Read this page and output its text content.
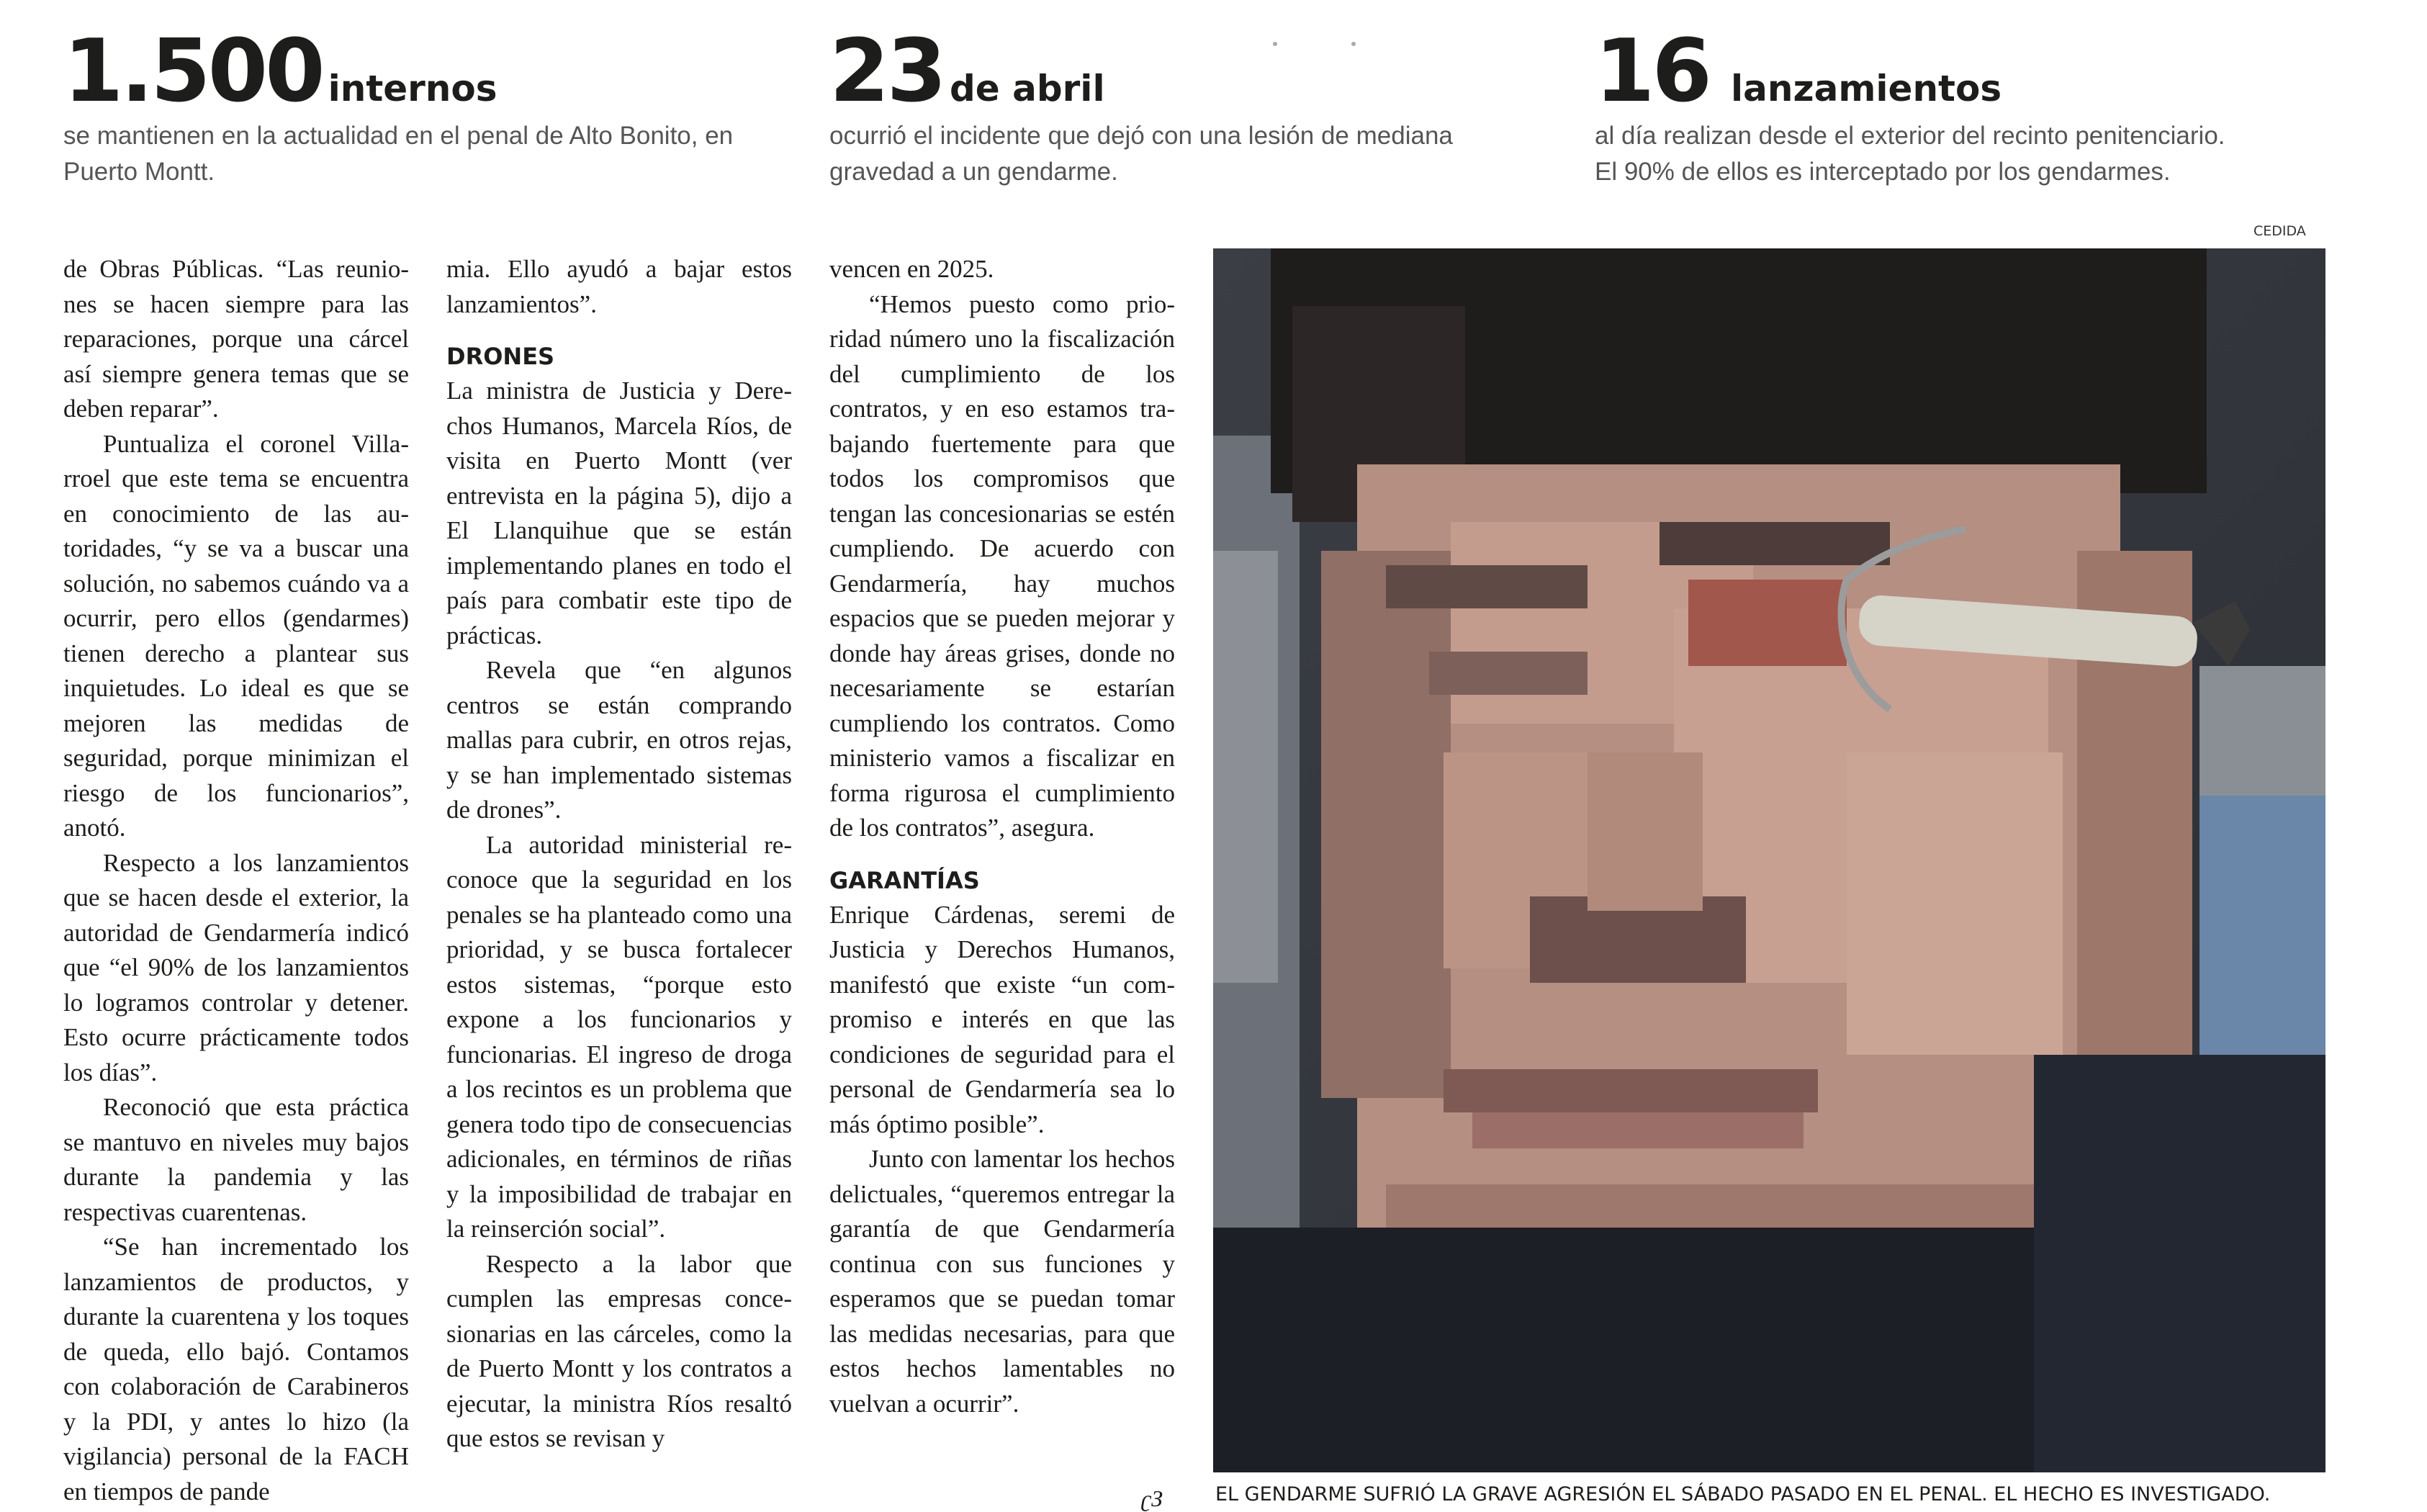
1.500 internos
se mantienen en la actualidad en el penal de Alto Bonito, en
Puerto Montt.
23 de abril
ocurrió el incidente que dejó con una lesión de mediana
gravedad a un gendarme.
16 lanzamientos
al día realizan desde el exterior del recinto penitenciario.
El 90% de ellos es interceptado por los gendarmes.

de Obras Públicas. “Las reuniones se hacen siempre para las reparaciones, porque una cárcel así siempre genera temas que se deben reparar”.

Puntualiza el coronel Villarroel que este tema se encuentra en conocimiento de las autoridades, “y se va a buscar una solución, no sabemos cuándo va a ocurrir, pero ellos (gendarmes) tienen derecho a plantear sus inquietudes. Lo ideal es que se mejoren las medidas de seguridad, porque minimizan el riesgo de los funcionarios”, anotó.

Respecto a los lanzamientos que se hacen desde el exterior, la autoridad de Gendarmería indicó que “el 90% de los lanzamientos lo logramos controlar y detener. Esto ocurre prácticamente todos los días”.

Reconoció que esta práctica se mantuvo en niveles muy bajos durante la pandemia y las respectivas cuarentenas.

“Se han incrementado los lanzamientos de productos, y durante la cuarentena y los toques de queda, ello bajó. Contamos con colaboración de Carabineros y la PDI, y antes lo hizo (la vigilancia) personal de la FACH en tiempos de pande

mia. Ello ayudó a bajar estos lanzamientos”.

DRONES

La ministra de Justicia y Derechos Humanos, Marcela Ríos, de visita en Puerto Montt (ver entrevista en la página 5), dijo a El Llanquihue que se están implementando planes en todo el país para combatir este tipo de prácticas.

Revela que “en algunos centros se están comprando mallas para cubrir, en otros rejas, y se han implementado sistemas de drones”.

La autoridad ministerial reconoce que la seguridad en los penales se ha planteado como una prioridad, y se busca fortalecer estos sistemas, “porque esto expone a los funcionarios y funcionarias. El ingreso de droga a los recintos es un problema que genera todo tipo de consecuencias adicionales, en términos de riñas y la imposibilidad de trabajar en la reinserción social”.

Respecto a la labor que cumplen las empresas concesionarias en las cárceles, como la de Puerto Montt y los contratos a ejecutar, la ministra Ríos resaltó que estos se revisan y

vencen en 2025.

“Hemos puesto como prioridad número uno la fiscalización del cumplimiento de los contratos, y en eso estamos trabajando fuertemente para que todos los compromisos que tengan las concesionarias se estén cumpliendo. De acuerdo con Gendarmería, hay muchos espacios que se pueden mejorar y donde hay áreas grises, donde no necesariamente se estarían cumpliendo los contratos. Como ministerio vamos a fiscalizar en forma rigurosa el cumplimiento de los contratos”, asegura.

GARANTÍAS

Enrique Cárdenas, seremi de Justicia y Derechos Humanos, manifestó que existe “un compromiso e interés en que las condiciones de seguridad para el personal de Gendarmería sea lo más óptimo posible”.

Junto con lamentar los hechos delictuales, “queremos entregar la garantía de que Gendarmería continua con sus funciones y esperamos que se puedan tomar las medidas necesarias, para que estos hechos lamentables no vuelvan a ocurrir”.

ʗЗ
CEDIDA
EL GENDARME SUFRIÓ LA GRAVE AGRESIÓN EL SÁBADO PASADO EN EL PENAL. EL HECHO ES INVESTIGADO.
